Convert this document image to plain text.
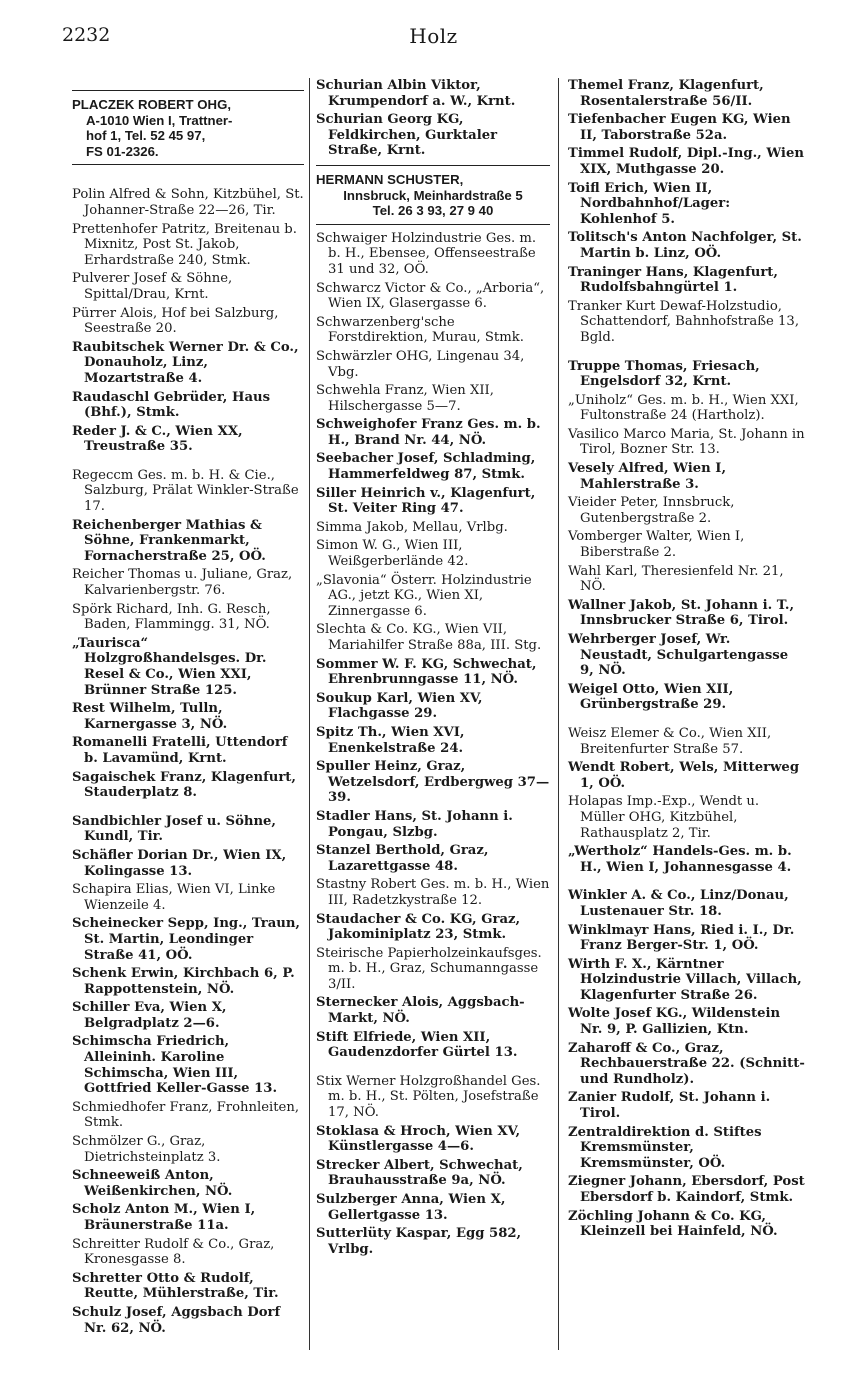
2232	Holz
PLACZEK ROBERT OHG,
A-1010 Wien I, Trattner-
hof 1, Tel. 52 45 97,
FS 01-2326.
Polin Alfred & Sohn, Kitzbühel, St. Johanner-Straße 22—26, Tir.
Prettenhofer Patritz, Breitenau b. Mixnitz, Post St. Jakob, Erhardstraße 240, Stmk.
Pulverer Josef & Söhne, Spittal/Drau, Krnt.
Pürrer Alois, Hof bei Salzburg, Seestraße 20.
Raubitschek Werner Dr. & Co., Donauholz, Linz, Mozartstraße 4.
Raudaschl Gebrüder, Haus (Bhf.), Stmk.
Reder J. & C., Wien XX, Treustraße 35.
Regeccm Ges. m. b. H. & Cie., Salzburg, Prälat Winkler-Straße 17.
Reichenberger Mathias & Söhne, Frankenmarkt, Fornacherstraße 25, OÖ.
Reicher Thomas u. Juliane, Graz, Kalvarienbergstr. 76.
Spörk Richard, Inh. G. Resch, Baden, Flammingg. 31, NÖ.
„Taurisca“ Holzgroßhandelsges. Dr. Resel & Co., Wien XXI, Brünner Straße 125.
Rest Wilhelm, Tulln, Karnergasse 3, NÖ.
Romanelli Fratelli, Uttendorf b. Lavamünd, Krnt.
Sagaischek Franz, Klagenfurt, Stauderplatz 8.
Sandbichler Josef u. Söhne, Kundl, Tir.
Schäfler Dorian Dr., Wien IX, Kolingasse 13.
Schapira Elias, Wien VI, Linke Wienzeile 4.
Scheinecker Sepp, Ing., Traun, St. Martin, Leondinger Straße 41, OÖ.
Schenk Erwin, Kirchbach 6, P. Rappottenstein, NÖ.
Schiller Eva, Wien X, Belgradplatz 2—6.
Schimscha Friedrich, Alleininh. Karoline Schimscha, Wien III, Gottfried Keller-Gasse 13.
Schmiedhofer Franz, Frohnleiten, Stmk.
Schmölzer G., Graz, Dietrichsteinplatz 3.
Schneeweiß Anton, Weißenkirchen, NÖ.
Scholz Anton M., Wien I, Bräunerstraße 11a.
Schreitter Rudolf & Co., Graz, Kronesgasse 8.
Schretter Otto & Rudolf, Reutte, Mühlerstraße, Tir.
Schulz Josef, Aggsbach Dorf Nr. 62, NÖ.
Schurian Albin Viktor, Krumpendorf a. W., Krnt.
Schurian Georg KG, Feldkirchen, Gurktaler Straße, Krnt.
HERMANN SCHUSTER,
Innsbruck, Meinhardstraße 5
Tel. 26 3 93, 27 9 40
Schwaiger Holzindustrie Ges. m. b. H., Ebensee, Offenseestraße 31 und 32, OÖ.
Schwarcz Victor & Co., „Arboria“, Wien IX, Glasergasse 6.
Schwarzenberg'sche Forstdirektion, Murau, Stmk.
Schwärzler OHG, Lingenau 34, Vbg.
Schwehla Franz, Wien XII, Hilschergasse 5—7.
Schweighofer Franz Ges. m. b. H., Brand Nr. 44, NÖ.
Seebacher Josef, Schladming, Hammerfeldweg 87, Stmk.
Siller Heinrich v., Klagenfurt, St. Veiter Ring 47.
Simma Jakob, Mellau, Vrlbg.
Simon W. G., Wien III, Weißgerberlände 42.
„Slavonia“ Österr. Holzindustrie AG., jetzt KG., Wien XI, Zinnergasse 6.
Slechta & Co. KG., Wien VII, Mariahilfer Straße 88a, III. Stg.
Sommer W. F. KG, Schwechat, Ehrenbrunngasse 11, NÖ.
Soukup Karl, Wien XV, Flachgasse 29.
Spitz Th., Wien XVI, Enenkelstraße 24.
Spuller Heinz, Graz, Wetzelsdorf, Erdbergweg 37—39.
Stadler Hans, St. Johann i. Pongau, Slzbg.
Stanzel Berthold, Graz, Lazarettgasse 48.
Stastny Robert Ges. m. b. H., Wien III, Radetzkystraße 12.
Staudacher & Co. KG, Graz, Jakominiplatz 23, Stmk.
Steirische Papierholzeinkaufsges. m. b. H., Graz, Schumanngasse 3/II.
Sternecker Alois, Aggsbach-Markt, NÖ.
Stift Elfriede, Wien XII, Gaudenzdorfer Gürtel 13.
Stix Werner Holzgroßhandel Ges. m. b. H., St. Pölten, Josefstraße 17, NÖ.
Stoklasa & Hroch, Wien XV, Künstlergasse 4—6.
Strecker Albert, Schwechat, Brauhausstraße 9a, NÖ.
Sulzberger Anna, Wien X, Gellertgasse 13.
Sutterlüty Kaspar, Egg 582, Vrlbg.
Themel Franz, Klagenfurt, Rosentalerstraße 56/II.
Tiefenbacher Eugen KG, Wien II, Taborstraße 52a.
Timmel Rudolf, Dipl.-Ing., Wien XIX, Muthgasse 20.
Toifl Erich, Wien II, Nordbahnhof/Lager: Kohlenhof 5.
Tolitsch's Anton Nachfolger, St. Martin b. Linz, OÖ.
Traninger Hans, Klagenfurt, Rudolfsbahngürtel 1.
Tranker Kurt Dewaf-Holzstudio, Schattendorf, Bahnhofstraße 13, Bgld.
Truppe Thomas, Friesach, Engelsdorf 32, Krnt.
„Uniholz“ Ges. m. b. H., Wien XXI, Fultonstraße 24 (Hartholz).
Vasilico Marco Maria, St. Johann in Tirol, Bozner Str. 13.
Vesely Alfred, Wien I, Mahlerstraße 3.
Vieider Peter, Innsbruck, Gutenbergstraße 2.
Vomberger Walter, Wien I, Biberstraße 2.
Wahl Karl, Theresienfeld Nr. 21, NÖ.
Wallner Jakob, St. Johann i. T., Innsbrucker Straße 6, Tirol.
Wehrberger Josef, Wr. Neustadt, Schulgartengasse 9, NÖ.
Weigel Otto, Wien XII, Grünbergstraße 29.
Weisz Elemer & Co., Wien XII, Breitenfurter Straße 57.
Wendt Robert, Wels, Mitterweg 1, OÖ.
Holapas Imp.-Exp., Wendt u. Müller OHG, Kitzbühel, Rathausplatz 2, Tir.
„Wertholz“ Handels-Ges. m. b. H., Wien I, Johannesgasse 4.
Winkler A. & Co., Linz/Donau, Lustenauer Str. 18.
Winklmayr Hans, Ried i. I., Dr. Franz Berger-Str. 1, OÖ.
Wirth F. X., Kärntner Holzindustrie Villach, Villach, Klagenfurter Straße 26.
Wolte Josef KG., Wildenstein Nr. 9, P. Gallizien, Ktn.
Zaharoff & Co., Graz, Rechbauerstraße 22. (Schnitt- und Rundholz).
Zanier Rudolf, St. Johann i. Tirol.
Zentraldirektion d. Stiftes Kremsmünster, Kremsmünster, OÖ.
Ziegner Johann, Ebersdorf, Post Ebersdorf b. Kaindorf, Stmk.
Zöchling Johann & Co. KG, Kleinzell bei Hainfeld, NÖ.
